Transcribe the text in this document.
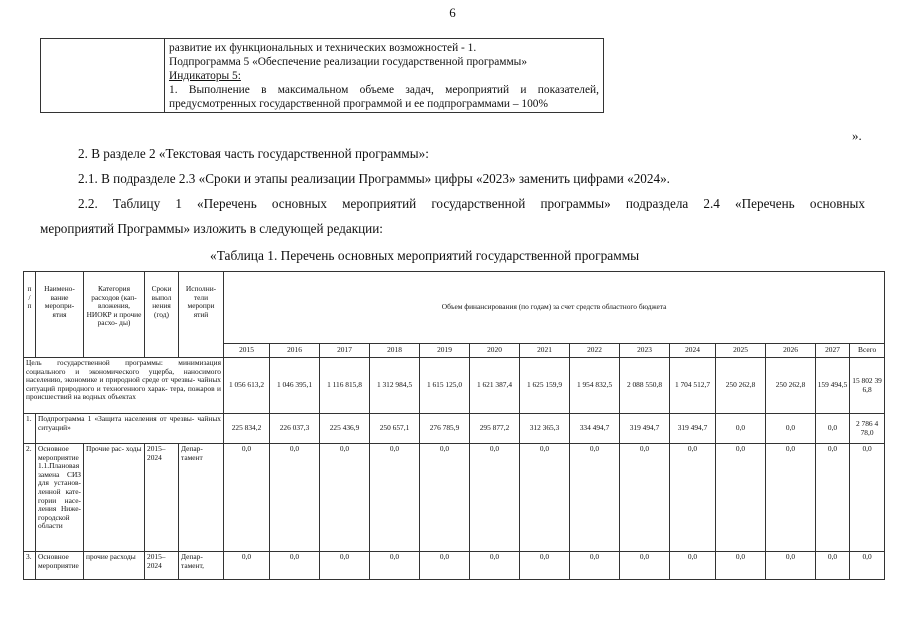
6

развитие их функциональных и технических возможностей - 1.
Подпрограмма 5 «Обеспечение реализации государственной программы»
Индикаторы 5:
1. Выполнение в максимальном объеме задач, мероприятий и показателей,
предусмотренных государственной программой и ее подпрограммами – 100%
».
2. В разделе 2 «Текстовая часть государственной программы»:
2.1. В подразделе 2.3 «Сроки и этапы реализации Программы» цифры «2023» заменить цифрами «2024».
2.2. Таблицу 1 «Перечень основных мероприятий государственной программы» подраздела 2.4 «Перечень основных
мероприятий Программы» изложить в следующей редакции:
«Таблица 1. Перечень основных мероприятий государственной программы
п / п	Наимено- вание меропри- ятия	Категория расходов (кап- вложения, НИОКР и прочие расхо- ды)	Сроки выпол нения (год)	Исполни- тели меропри ятий	Объем финансирования (по годам) за счет средств областного бюджета													
					2015	2016	2017	2018	2019	2020	2021	2022	2023	2024	2025	2026	2027	Всего
Цель государственной программы: минимизация социального и экономического ущерба, наносимого населению, экономике и природной среде от чрезвы- чайных ситуаций природного и техногенного харак- тера, пожаров и происшествий на водных объектах					1 056 613,2	1 046 395,1	1 116 815,8	1 312 984,5	1 615 125,0	1 621 387,4	1 625 159,9	1 954 832,5	2 088 550,8	1 704 512,7	250 262,8	250 262,8	159 494,5	15 802 39 6,8
1.	Подпрограмма 1 «Защита населения от чрезвы- чайных ситуаций»				225 834,2	226 037,3	225 436,9	250 657,1	276 785,9	295 877,2	312 365,3	334 494,7	319 494,7	319 494,7	0,0	0,0	0,0	2 786 4 78,0
2.	Основное мероприятие 1.1.Плановая замена СИЗ для установ- ленной кате- гории насе- ления Ниже- городской области	Прочие рас- ходы	2015– 2024	Депар- тамент	0,0	0,0	0,0	0,0	0,0	0,0	0,0	0,0	0,0	0,0	0,0	0,0	0,0	0,0
3.	Основное мероприятие	прочие расходы	2015– 2024	Депар- тамент,	0,0	0,0	0,0	0,0	0,0	0,0	0,0	0,0	0,0	0,0	0,0	0,0	0,0	0,0
